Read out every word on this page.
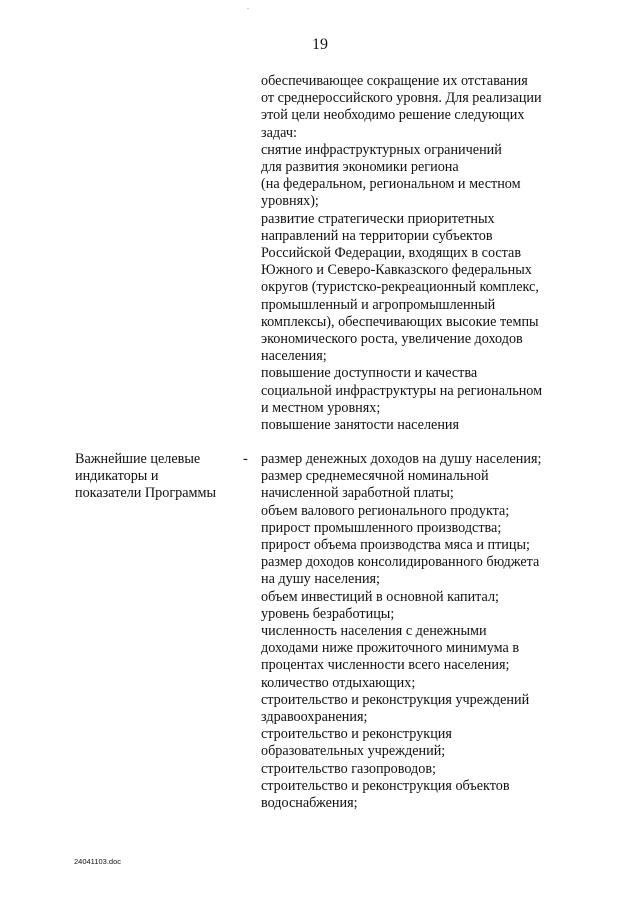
19
обеспечивающее сокращение их отставания
от среднероссийского уровня. Для реализации
этой цели необходимо решение следующих
задач:
снятие инфраструктурных ограничений
для развития экономики региона
(на федеральном, региональном и местном
уровнях);
развитие стратегически приоритетных
направлений на территории субъектов
Российской Федерации, входящих в состав
Южного и Северо-Кавказского федеральных
округов (туристско-рекреационный комплекс,
промышленный и агропромышленный
комплексы), обеспечивающих высокие темпы
экономического роста, увеличение доходов
населения;
повышение доступности и качества
социальной инфраструктуры на региональном
и местном уровнях;
повышение занятости населения
Важнейшие целевые
индикаторы и
показатели Программы
- размер денежных доходов на душу населения;
размер среднемесячной номинальной
начисленной заработной платы;
объем валового регионального продукта;
прирост промышленного производства;
прирост объема производства мяса и птицы;
размер доходов консолидированного бюджета
на душу населения;
объем инвестиций в основной капитал;
уровень безработицы;
численность населения с денежными
доходами ниже прожиточного минимума в
процентах численности всего населения;
количество отдыхающих;
строительство и реконструкция учреждений
здравоохранения;
строительство и реконструкция
образовательных учреждений;
строительство газопроводов;
строительство и реконструкция объектов
водоснабжения;
24041103.doc
